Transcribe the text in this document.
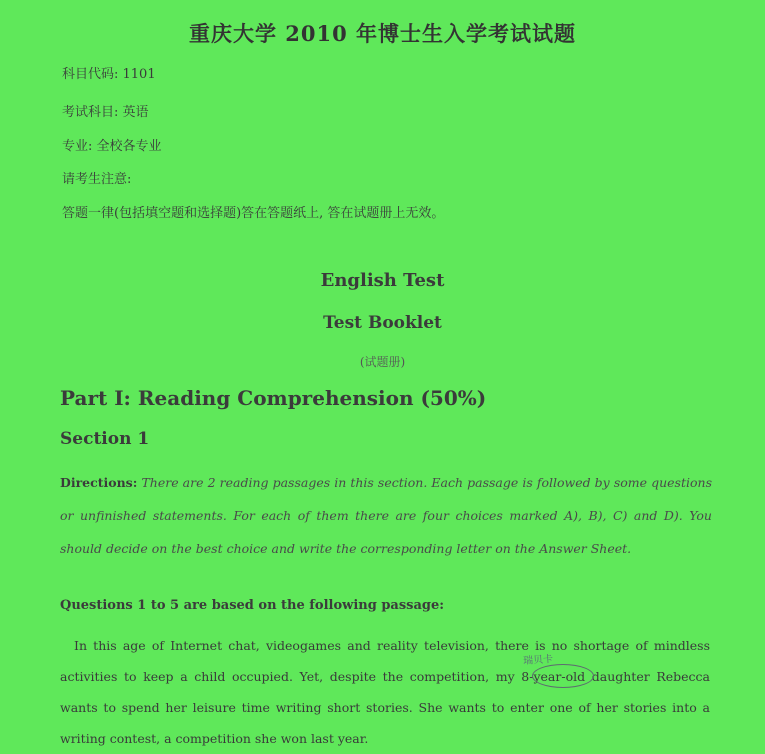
重庆大学 2010 年博士生入学考试试题
科目代码: 1101
考试科目: 英语
专业: 全校各专业
请考生注意:
答题一律(包括填空题和选择题)答在答题纸上, 答在试题册上无效。
English Test
Test Booklet
(试题册)
Part I: Reading Comprehension (50%)
Section 1
Directions: There are 2 reading passages in this section. Each passage is followed by some questions or unfinished statements. For each of them there are four choices marked A), B), C) and D). You should decide on the best choice and write the corresponding letter on the Answer Sheet.
Questions 1 to 5 are based on the following passage:
In this age of Internet chat, videogames and reality television, there is no shortage of mindless activities to keep a child occupied. Yet, despite the competition, my 8-year-old daughter Rebecca wants to spend her leisure time writing short stories. She wants to enter one of her stories into a writing contest, a competition she won last year.
瑞贝卡
